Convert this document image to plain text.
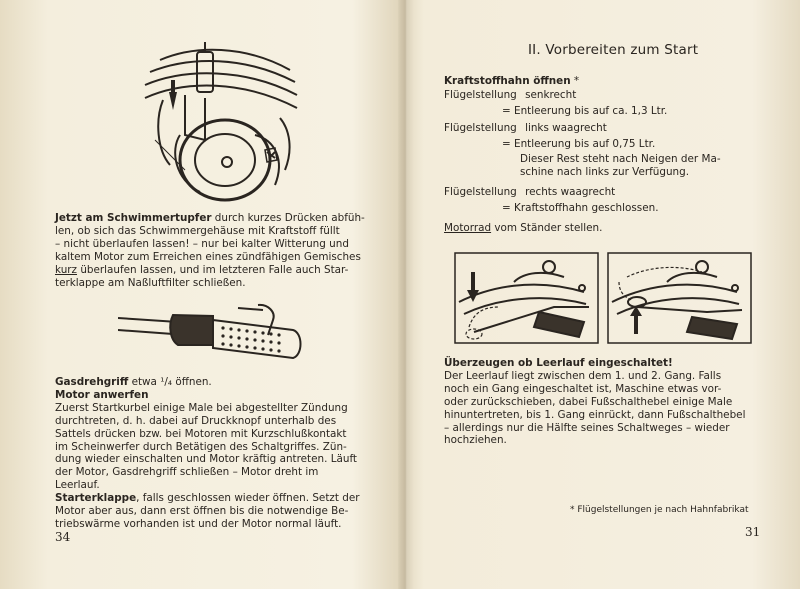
Jetzt am Schwimmertupfer durch kurzes Drücken abfüh-
len, ob sich das Schwimmergehäuse mit Kraftstoff füllt
– nicht überlaufen lassen! – nur bei kalter Witterung und
kaltem Motor zum Erreichen eines zündfähigen Gemisches
kurz überlaufen lassen, und im letzteren Falle auch Star-
terklappe am Naßluftfilter schließen.
Gasdrehgriff etwa ¹/₄ öffnen.
Motor anwerfen
Zuerst Startkurbel einige Male bei abgestellter Zündung
durchtreten, d. h. dabei auf Druckknopf unterhalb des
Sattels drücken bzw. bei Motoren mit Kurzschlußkontakt
im Scheinwerfer durch Betätigen des Schaltgriffes. Zün-
dung wieder einschalten und Motor kräftig antreten. Läuft
der Motor, Gasdrehgriff schließen – Motor dreht im
Leerlauf.
Starterklappe, falls geschlossen wieder öffnen. Setzt der
Motor aber aus, dann erst öffnen bis die notwendige Be-
triebswärme vorhanden ist und der Motor normal läuft.
34
II. Vorbereiten zum Start
Kraftstoffhahn öffnen *
Flügelstellung senkrecht
= Entleerung bis auf ca. 1,3 Ltr.
Flügelstellung links waagrecht
= Entleerung bis auf 0,75 Ltr.
Dieser Rest steht nach Neigen der Ma-
schine nach links zur Verfügung.
Flügelstellung rechts waagrecht
= Kraftstoffhahn geschlossen.
Motorrad vom Ständer stellen.
Überzeugen ob Leerlauf eingeschaltet!
Der Leerlauf liegt zwischen dem 1. und 2. Gang. Falls
noch ein Gang eingeschaltet ist, Maschine etwas vor-
oder zurückschieben, dabei Fußschalthebel einige Male
hinuntertreten, bis 1. Gang einrückt, dann Fußschalthebel
– allerdings nur die Hälfte seines Schaltweges – wieder
hochziehen.
* Flügelstellungen je nach Hahnfabrikat
31
